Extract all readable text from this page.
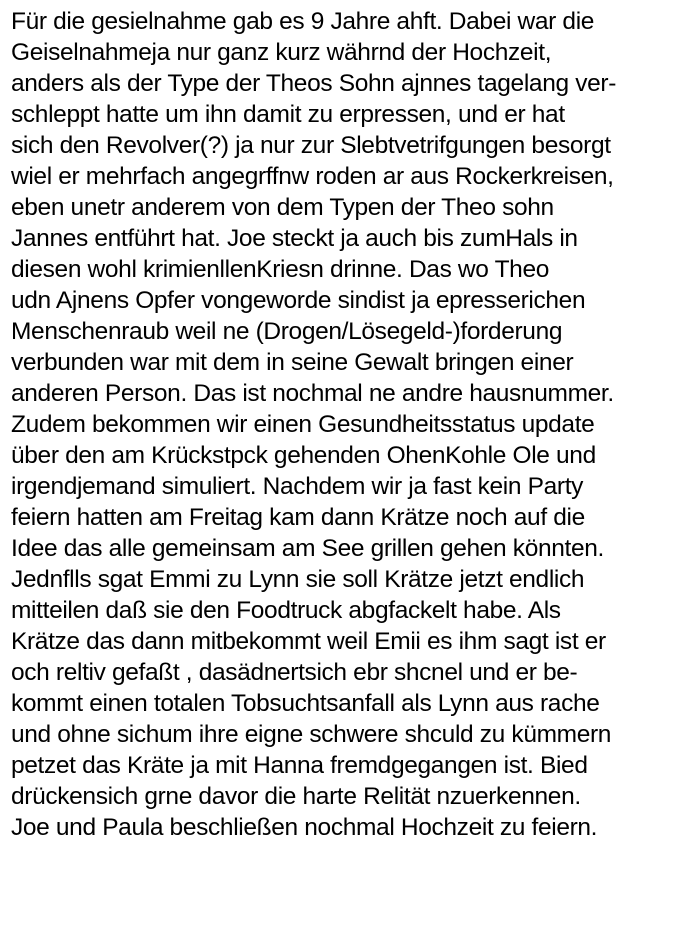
Für die gesielnahme gab es 9 Jahre ahft. Dabei war die
Geiselnahmeja nur ganz kurz währnd der Hochzeit,
anders als der Type der Theos Sohn ajnnes tagelang ver-
schleppt hatte um ihn damit zu erpressen, und er hat
sich den Revolver(?) ja nur zur Slebtvetrifgungen besorgt
wiel er mehrfach angegrffnw roden ar aus Rockerkreisen,
eben unetr anderem von dem Typen der Theo sohn
Jannes entführt hat. Joe steckt ja auch bis zumHals in
diesen wohl krimienllenKriesn drinne. Das wo Theo
udn Ajnens Opfer vongeworde sindist ja epresserichen
Menschenraub weil ne (Drogen/Lösegeld-)forderung
verbunden war mit dem in seine Gewalt bringen einer
anderen Person. Das ist nochmal ne andre hausnummer.
Zudem bekommen wir einen Gesundheitsstatus update
über den am Krückstpck gehenden OhenKohle Ole und
irgendjemand simuliert. Nachdem wir ja fast kein Party
feiern hatten am Freitag kam dann Krätze noch auf die
Idee das alle gemeinsam am See grillen gehen könnten.
Jednflls sgat Emmi zu Lynn sie soll Krätze jetzt endlich
mitteilen daß sie den Foodtruck abgfackelt habe. Als
Krätze das dann mitbekommt weil Emii es ihm sagt ist er
och reltiv gefaßt , dasädnertsich ebr shcnel und er be-
kommt einen totalen Tobsuchtsanfall als Lynn aus rache
und ohne sichum ihre eigne schwere shculd zu kümmern
petzet das Kräte ja mit Hanna fremdgegangen ist. Bied
drückensich grne davor die harte Relität nzuerkennen.
Joe und Paula beschließen nochmal Hochzeit zu feiern.
